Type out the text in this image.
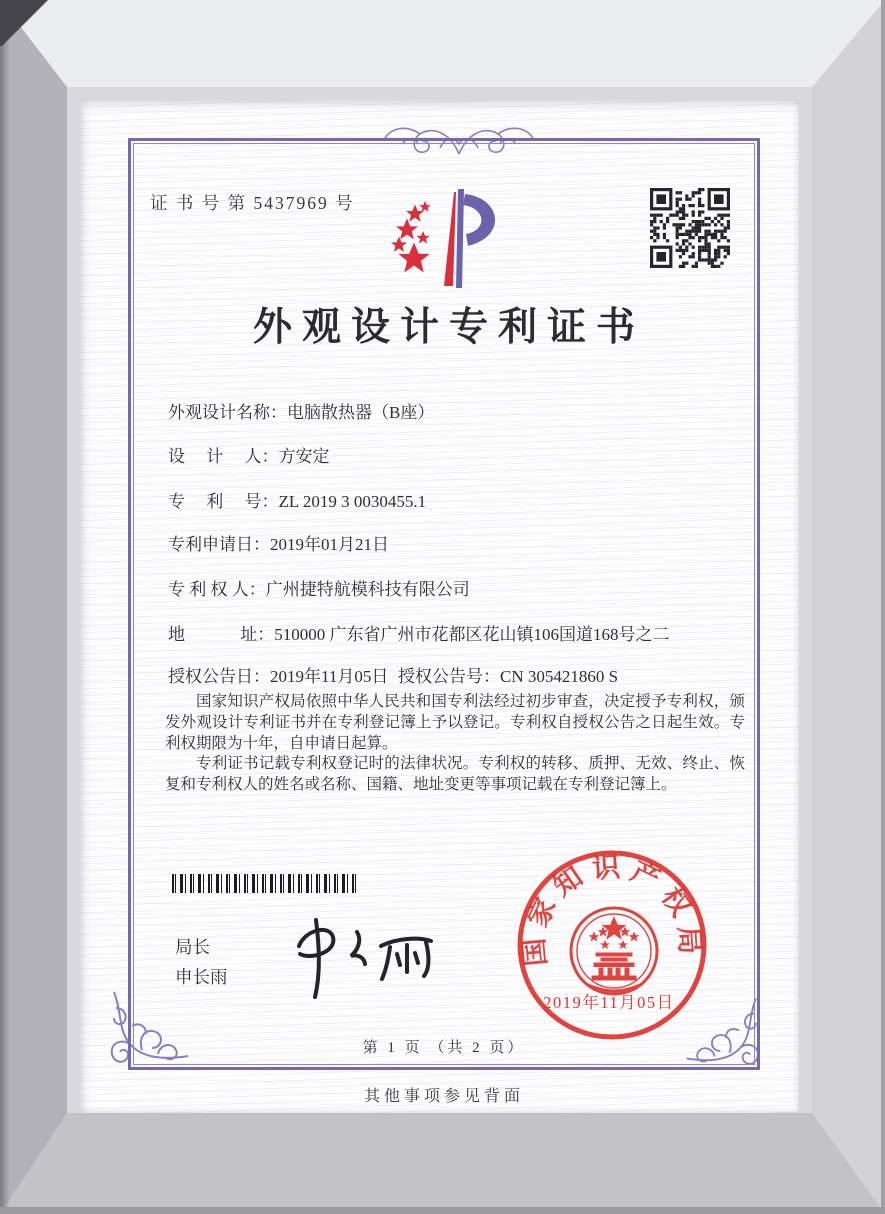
证 书 号 第 5437969 号
外观设计专利证书
外观设计名称：电脑散热器（B座）
设　 计　 人：方安定
专　 利　 号：ZL 2019 3 0030455.1
专利申请日：2019年01月21日
专 利 权 人：广州捷特航模科技有限公司
地　　　 址：510000 广东省广州市花都区花山镇106国道168号之二
授权公告日：2019年11月05日 授权公告号：CN 305421860 S

国家知识产权局依照中华人民共和国专利法经过初步审查，决定授予专利权，颁发外观设计专利证书并在专利登记簿上予以登记。专利权自授权公告之日起生效。专利权期限为十年，自申请日起算。

专利证书记载专利权登记时的法律状况。专利权的转移、质押、无效、终止、恢复和专利权人的姓名或名称、国籍、地址变更等事项记载在专利登记簿上。

局长
申长雨
国家知识产权局
2019年11月05日
第 1 页 （共 2 页）
其他事项参见背面
